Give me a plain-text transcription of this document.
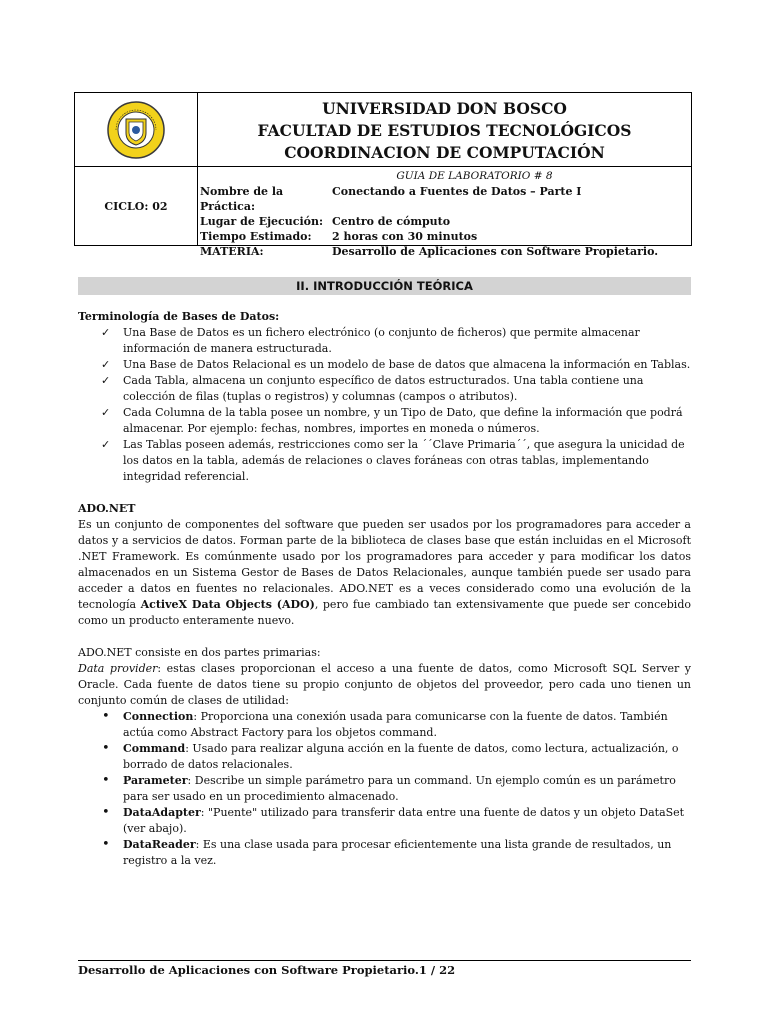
UNIVERSIDAD DON BOSCO
FACULTAD DE ESTUDIOS TECNOLÓGICOS
COORDINACION DE COMPUTACIÓN
CICLO: 02
GUIA DE LABORATORIO # 8
Nombre de la Práctica:
Conectando a Fuentes de Datos – Parte I
Lugar de Ejecución: Centro de cómputo
Tiempo Estimado:	2 horas con 30 minutos
MATERIA:	Desarrollo de Aplicaciones con Software Propietario.
II. INTRODUCCIÓN TEÓRICA
Terminología de Bases de Datos:
✓ Una Base de Datos es un fichero electrónico (o conjunto de ficheros) que permite almacenar información de manera estructurada.
✓ Una Base de Datos Relacional es un modelo de base de datos que almacena la información en Tablas.
✓ Cada Tabla, almacena un conjunto específico de datos estructurados. Una tabla contiene una colección de filas (tuplas o registros) y columnas (campos o atributos).
✓ Cada Columna de la tabla posee un nombre, y un Tipo de Dato, que define la información que podrá almacenar. Por ejemplo: fechas, nombres, importes en moneda o números.
✓ Las Tablas poseen además, restricciones como ser la ´´Clave Primaria´´, que asegura la unicidad de los datos en la tabla, además de relaciones o claves foráneas con otras tablas, implementando integridad referencial.
ADO.NET
Es un conjunto de componentes del software que pueden ser usados por los programadores para acceder a datos y a servicios de datos. Forman parte de la biblioteca de clases base que están incluidas en el Microsoft .NET Framework. Es comúnmente usado por los programadores para acceder y para modificar los datos almacenados en un Sistema Gestor de Bases de Datos Relacionales, aunque también puede ser usado para acceder a datos en fuentes no relacionales. ADO.NET es a veces considerado como una evolución de la tecnología ActiveX Data Objects (ADO), pero fue cambiado tan extensivamente que puede ser concebido como un producto enteramente nuevo.
ADO.NET consiste en dos partes primarias:
Data provider: estas clases proporcionan el acceso a una fuente de datos, como Microsoft SQL Server y Oracle. Cada fuente de datos tiene su propio conjunto de objetos del proveedor, pero cada uno tienen un conjunto común de clases de utilidad:
• Connection: Proporciona una conexión usada para comunicarse con la fuente de datos. También actúa como Abstract Factory para los objetos command.
• Command: Usado para realizar alguna acción en la fuente de datos, como lectura, actualización, o borrado de datos relacionales.
• Parameter: Describe un simple parámetro para un command. Un ejemplo común es un parámetro para ser usado en un procedimiento almacenado.
• DataAdapter: "Puente" utilizado para transferir data entre una fuente de datos y un objeto DataSet (ver abajo).
• DataReader: Es una clase usada para procesar eficientemente una lista grande de resultados, un registro a la vez.
Desarrollo de Aplicaciones con Software Propietario.1 / 22
